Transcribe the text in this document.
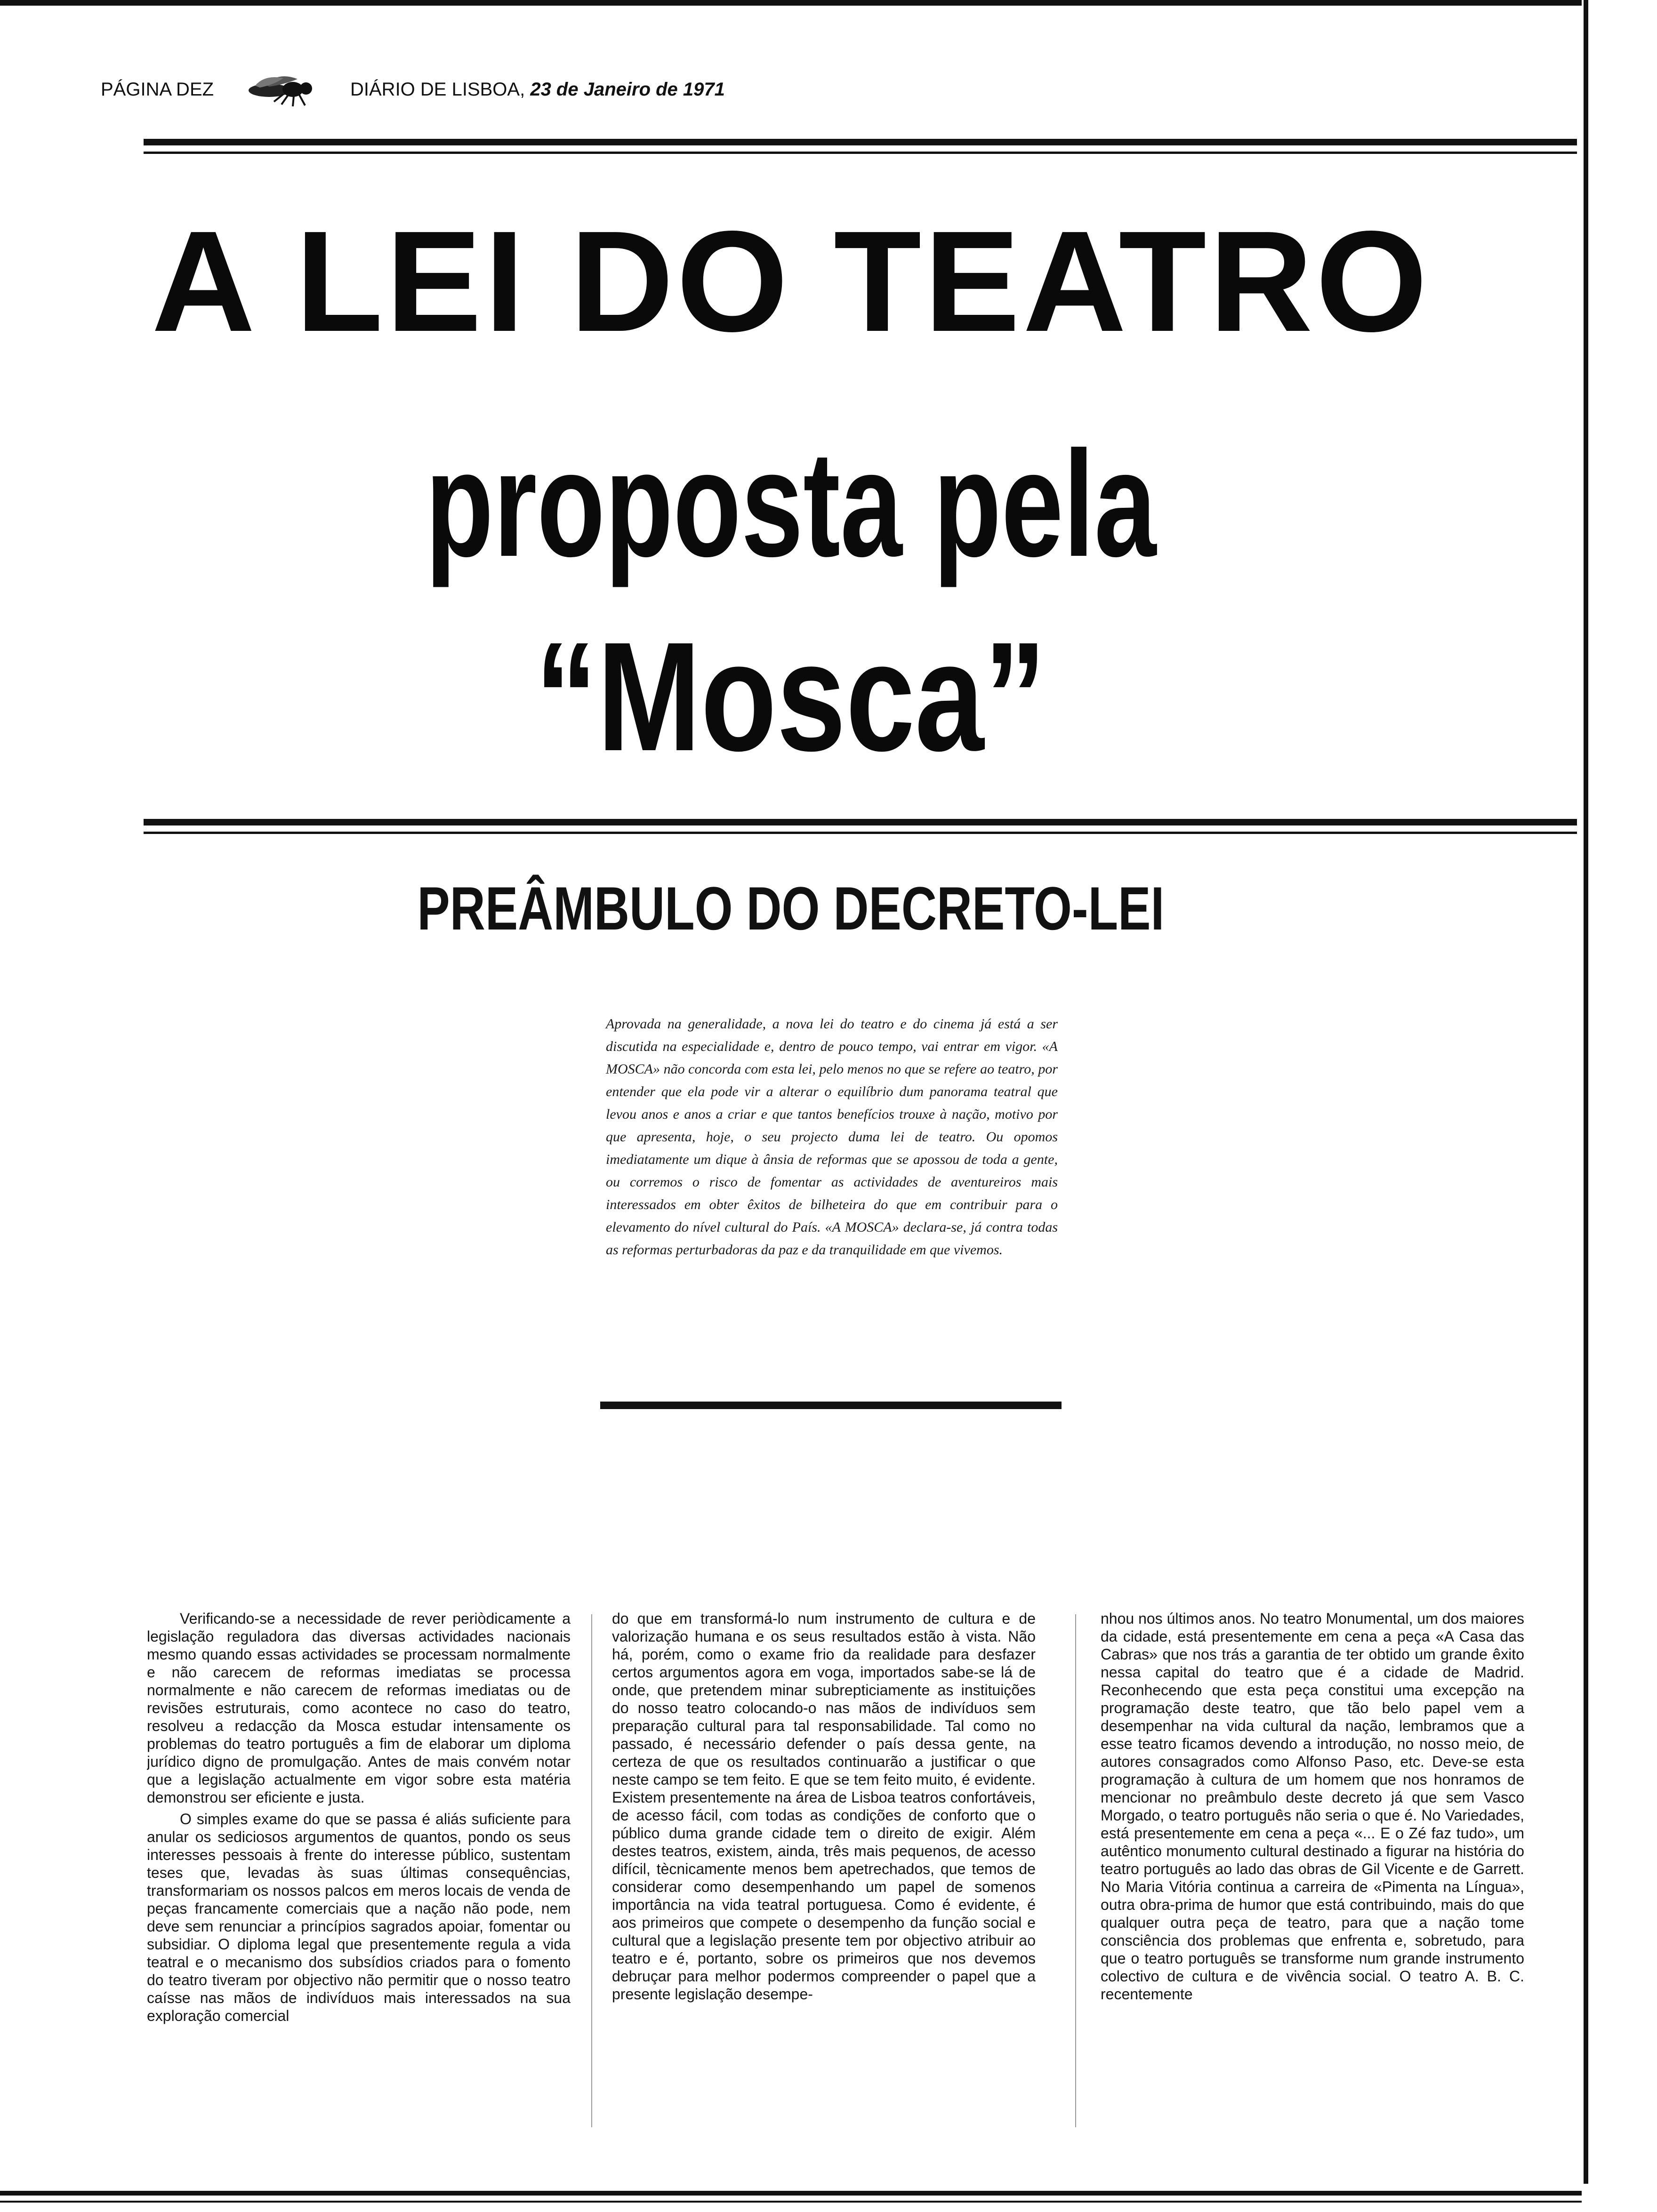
PÁGINA DEZ	DIÁRIO DE LISBOA, 23 de Janeiro de 1971
A LEI DO TEATRO
proposta pela
“Mosca”
PREÂMBULO DO DECRETO-LEI
Aprovada na generalidade, a nova lei do teatro e do cinema já está a ser discutida na especialidade e, dentro de pouco tempo, vai entrar em vigor. «A MOSCA» não concorda com esta lei, pelo menos no que se refere ao teatro, por entender que ela pode vir a alterar o equilíbrio dum panorama teatral que levou anos e anos a criar e que tantos benefícios trouxe à nação, motivo por que apresenta, hoje, o seu projecto duma lei de teatro. Ou opomos imediatamente um dique à ânsia de reformas que se apossou de toda a gente, ou corremos o risco de fomentar as actividades de aventureiros mais interessados em obter êxitos de bilheteira do que em contribuir para o elevamento do nível cultural do País. «A MOSCA» declara-se, já contra todas as reformas perturbadoras da paz e da tranquilidade em que vivemos.

Verificando-se a necessidade de rever periòdicamente a legislação reguladora das diversas actividades nacionais mesmo quando essas actividades se processam normalmente e não carecem de reformas imediatas se processa normalmente e não carecem de reformas imediatas ou de revisões estruturais, como acontece no caso do teatro, resolveu a redacção da Mosca estudar intensamente os problemas do teatro português a fim de elaborar um diploma jurídico digno de promulgação. Antes de mais convém notar que a legislação actualmente em vigor sobre esta matéria demonstrou ser eficiente e justa.

O simples exame do que se passa é aliás suficiente para anular os sediciosos argumentos de quantos, pondo os seus interesses pessoais à frente do interesse público, sustentam teses que, levadas às suas últimas consequências, transformariam os nossos palcos em meros locais de venda de peças francamente comerciais que a nação não pode, nem deve sem renunciar a princípios sagrados apoiar, fomentar ou subsidiar. O diploma legal que presentemente regula a vida teatral e o mecanismo dos subsídios criados para o fomento do teatro tiveram por objectivo não permitir que o nosso teatro caísse nas mãos de indivíduos mais interessados na sua exploração comercial

do que em transformá-lo num instrumento de cultura e de valorização humana e os seus resultados estão à vista. Não há, porém, como o exame frio da realidade para desfazer certos argumentos agora em voga, importados sabe-se lá de onde, que pretendem minar subrepticiamente as instituições do nosso teatro colocando-o nas mãos de indivíduos sem preparação cultural para tal responsabilidade. Tal como no passado, é necessário defender o país dessa gente, na certeza de que os resultados continuarão a justificar o que neste campo se tem feito. E que se tem feito muito, é evidente. Existem presentemente na área de Lisboa teatros confortáveis, de acesso fácil, com todas as condições de conforto que o público duma grande cidade tem o direito de exigir. Além destes teatros, existem, ainda, três mais pequenos, de acesso difícil, tècnicamente menos bem apetrechados, que temos de considerar como desempenhando um papel de somenos importância na vida teatral portuguesa. Como é evidente, é aos primeiros que compete o desempenho da função social e cultural que a legislação presente tem por objectivo atribuir ao teatro e é, portanto, sobre os primeiros que nos devemos debruçar para melhor podermos compreender o papel que a presente legislação desempe-

nhou nos últimos anos. No teatro Monumental, um dos maiores da cidade, está presentemente em cena a peça «A Casa das Cabras» que nos trás a garantia de ter obtido um grande êxito nessa capital do teatro que é a cidade de Madrid. Reconhecendo que esta peça constitui uma excepção na programação deste teatro, que tão belo papel vem a desempenhar na vida cultural da nação, lembramos que a esse teatro ficamos devendo a introdução, no nosso meio, de autores consagrados como Alfonso Paso, etc. Deve-se esta programação à cultura de um homem que nos honramos de mencionar no preâmbulo deste decreto já que sem Vasco Morgado, o teatro português não seria o que é. No Variedades, está presentemente em cena a peça «... E o Zé faz tudo», um autêntico monumento cultural destinado a figurar na história do teatro português ao lado das obras de Gil Vicente e de Garrett. No Maria Vitória continua a carreira de «Pimenta na Língua», outra obra-prima de humor que está contribuindo, mais do que qualquer outra peça de teatro, para que a nação tome consciência dos problemas que enfrenta e, sobretudo, para que o teatro português se transforme num grande instrumento colectivo de cultura e de vivência social. O teatro A. B. C. recentemente
